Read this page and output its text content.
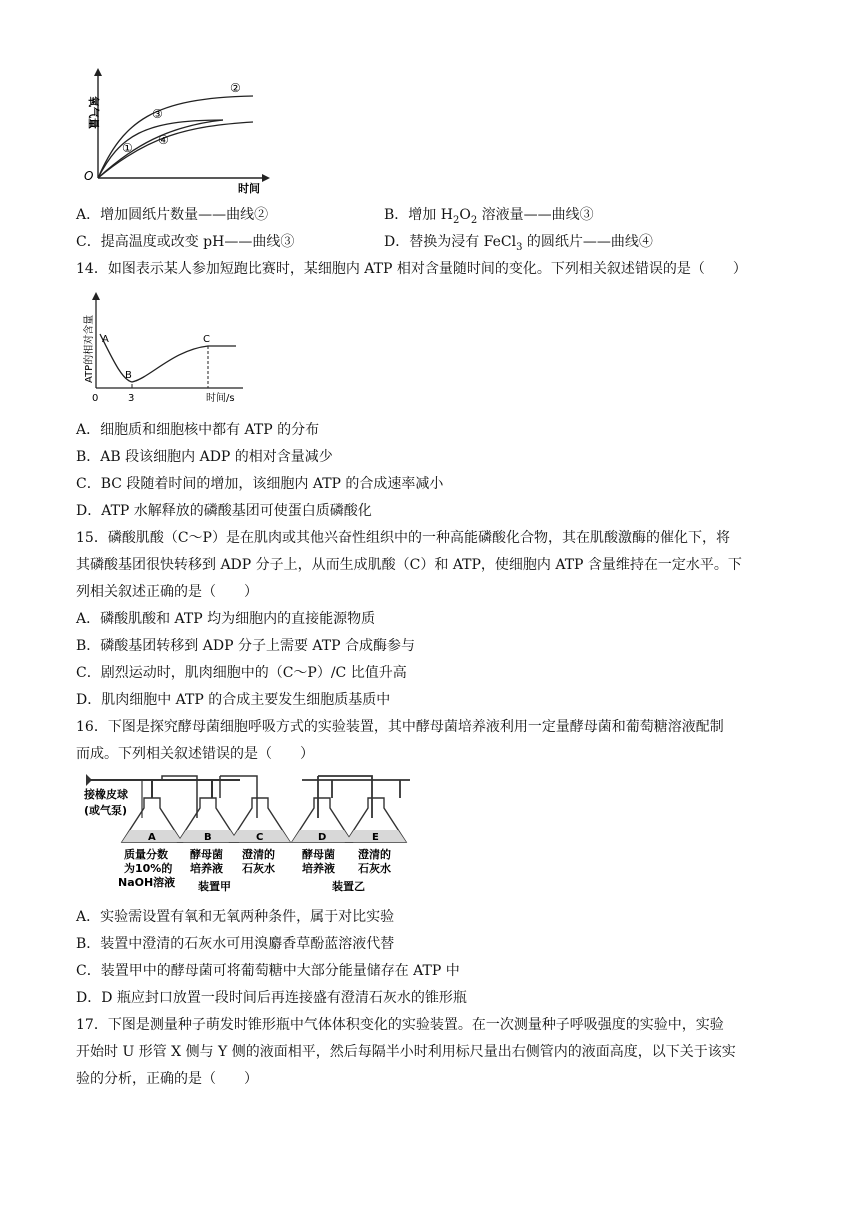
氧气量
O
时间
①
②
③
④
A．增加圆纸片数量——曲线②	B．增加 $H_2O_2$ 溶液量——曲线③
C．提高温度或改变 pH——曲线③	D．替换为浸有 FeCl$_3$ 的圆纸片——曲线④
14．如图表示某人参加短跑比赛时，某细胞内 ATP 相对含量随时间的变化。下列相关叙述错误的是（　　）
ATP的相对含量 A
B
C
0	3	时间/s
A．细胞质和细胞核中都有 ATP 的分布
B．AB 段该细胞内 ADP 的相对含量减少
C．BC 段随着时间的增加，该细胞内 ATP 的合成速率减小
D．ATP 水解释放的磷酸基团可使蛋白质磷酸化
15．磷酸肌酸（C～P）是在肌肉或其他兴奋性组织中的一种高能磷酸化合物，其在肌酸激酶的催化下，将
其磷酸基团很快转移到 ADP 分子上，从而生成肌酸（C）和 ATP，使细胞内 ATP 含量维持在一定水平。下
列相关叙述正确的是（　　）
A．磷酸肌酸和 ATP 均为细胞内的直接能源物质
B．磷酸基团转移到 ADP 分子上需要 ATP 合成酶参与
C．剧烈运动时，肌肉细胞中的（C～P）/C 比值升高
D．肌肉细胞中 ATP 的合成主要发生细胞质基质中
16．下图是探究酵母菌细胞呼吸方式的实验装置，其中酵母菌培养液利用一定量酵母菌和葡萄糖溶液配制
而成。下列相关叙述错误的是（　　）
接橡皮球
(或气泵)
A	B	C	D	E
质量分数
为10%的
NaOH溶液
酵母菌
培养液
澄清的
石灰水
酵母菌
培养液
澄清的
石灰水
装置甲	装置乙
A．实验需设置有氧和无氧两种条件，属于对比实验
B．装置中澄清的石灰水可用溴麝香草酚蓝溶液代替
C．装置甲中的酵母菌可将葡萄糖中大部分能量储存在 ATP 中
D．D 瓶应封口放置一段时间后再连接盛有澄清石灰水的锥形瓶
17．下图是测量种子萌发时锥形瓶中气体体积变化的实验装置。在一次测量种子呼吸强度的实验中，实验
开始时 U 形管 X 侧与 Y 侧的液面相平，然后每隔半小时利用标尺量出右侧管内的液面高度，以下关于该实
验的分析，正确的是（　　）
